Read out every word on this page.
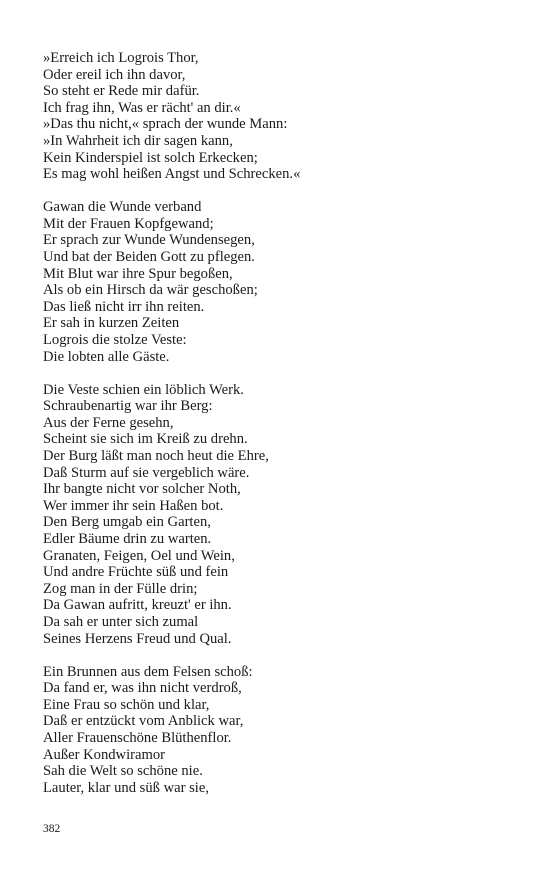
»Erreich ich Logrois Thor,
Oder ereil ich ihn davor,
So steht er Rede mir dafür.
Ich frag ihn, Was er rächt' an dir.«
»Das thu nicht,« sprach der wunde Mann:
»In Wahrheit ich dir sagen kann,
Kein Kinderspiel ist solch Erkecken;
Es mag wohl heißen Angst und Schrecken.«
Gawan die Wunde verband
Mit der Frauen Kopfgewand;
Er sprach zur Wunde Wundensegen,
Und bat der Beiden Gott zu pflegen.
Mit Blut war ihre Spur begoßen,
Als ob ein Hirsch da wär geschoßen;
Das ließ nicht irr ihn reiten.
Er sah in kurzen Zeiten
Logrois die stolze Veste:
Die lobten alle Gäste.
Die Veste schien ein löblich Werk.
Schraubenartig war ihr Berg:
Aus der Ferne gesehn,
Scheint sie sich im Kreiß zu drehn.
Der Burg läßt man noch heut die Ehre,
Daß Sturm auf sie vergeblich wäre.
Ihr bangte nicht vor solcher Noth,
Wer immer ihr sein Haßen bot.
Den Berg umgab ein Garten,
Edler Bäume drin zu warten.
Granaten, Feigen, Oel und Wein,
Und andre Früchte süß und fein
Zog man in der Fülle drin;
Da Gawan aufritt, kreuzt' er ihn.
Da sah er unter sich zumal
Seines Herzens Freud und Qual.
Ein Brunnen aus dem Felsen schoß:
Da fand er, was ihn nicht verdroß,
Eine Frau so schön und klar,
Daß er entzückt vom Anblick war,
Aller Frauenschöne Blüthenflor.
Außer Kondwiramor
Sah die Welt so schöne nie.
Lauter, klar und süß war sie,
382
